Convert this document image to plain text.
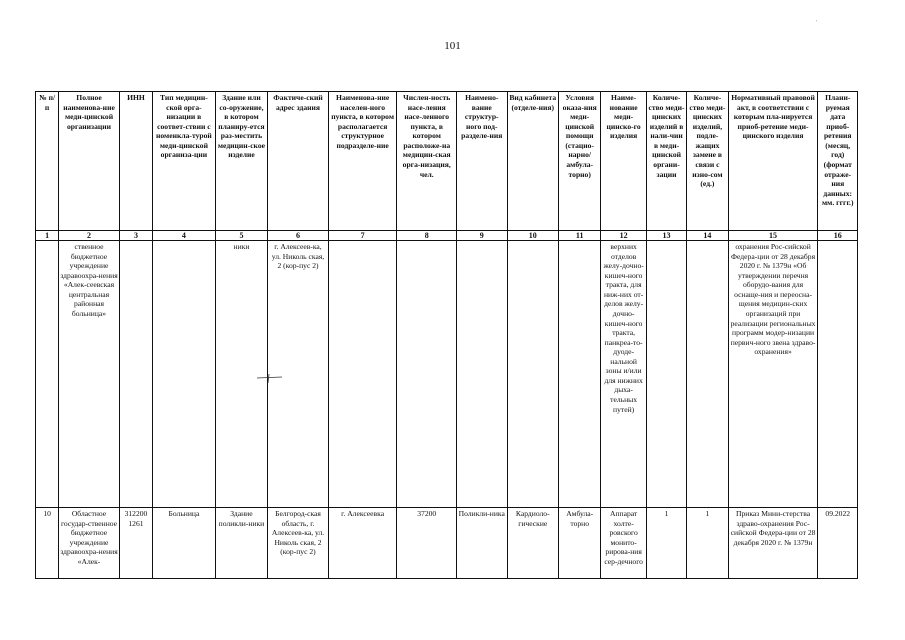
101
'
№ п/п	Полное наименова-ние меди-цинской организации	ИНН	Тип медицин-ской орга-низации в соответ-ствии с номенкла-турой меди-цинской организа-ции	Здание или со-оружение, в котором планиру-ется раз-местить медицин-ское изделие	Фактиче-ский адрес здания	Наименова-ние населен-ного пункта, в котором располагается структурное подразделе-ние	Числен-ность насе-ления насе-ленного пункта, в котором расположе-на медицин-ская орга-низация, чел.	Наимено-вание структур-ного под-разделе-ния	Вид кабинета (отделе-ния)	Условия оказа-ния меди-цинской помощи (стацио-нарно/ амбула-торно)	Наиме-нование меди-цинско-го изделия	Количе-ство меди-цинских изделий в нали-чии в меди-цинской органи-зации	Количе-ство меди-цинских изделий, подле-жащих замене в связи с изно-сом (ед.)	Нормативный правовой акт, в соответствии с которым пла-нируется приоб-ретение меди-цинского изделия	Плани-руемая дата приоб-ретения (месяц, год) (формат отраже-ния данных: мм. гггг.)
1	2	3	4	5	6	7	8	9	10	11	12	13	14	15	16
	ственное бюджетное учреждение здравоохра-нения «Алек-сеевская центральная районная больница»			ники	г. Алексеев-ка, ул. Николь ская, 2 (кор-пус 2)						верхних отделов желу-дочно-кишеч-ного тракта, для ниж-них от-делов желу-дочно-кишеч-ного тракта, панкреа-то-дуоде-нальной зоны и/или для нижних дыха-тельных путей)			охранения Рос-сийской Федера-ции от 28 декабря 2020 г. № 1379н «Об утверждении перечня оборудо-вания для оснаще-ния и переосна-щения медицин-ских организаций при реализации региональных программ модер-низации первич-ного звена здраво-охранения»	
10	Областное государ-ственное бюджетное учреждение здравоохра-нения «Алек-	312200 1261	Больница	Здание поликли-ники	Белгород-ская область, г. Алексеев-ка, ул. Николь ская, 2 (кор-пус 2)	г. Алексеевка	37200	Поликли-ника	Кардиоло-гические	Амбула-торно	Аппарат холте-ровского монито-рирова-ния сер-дечного	1	1	Приказ Мини-стерства здраво-охранения Рос-сийской Федера-ции от 28 декабря 2020 г. № 1379н	09.2022
